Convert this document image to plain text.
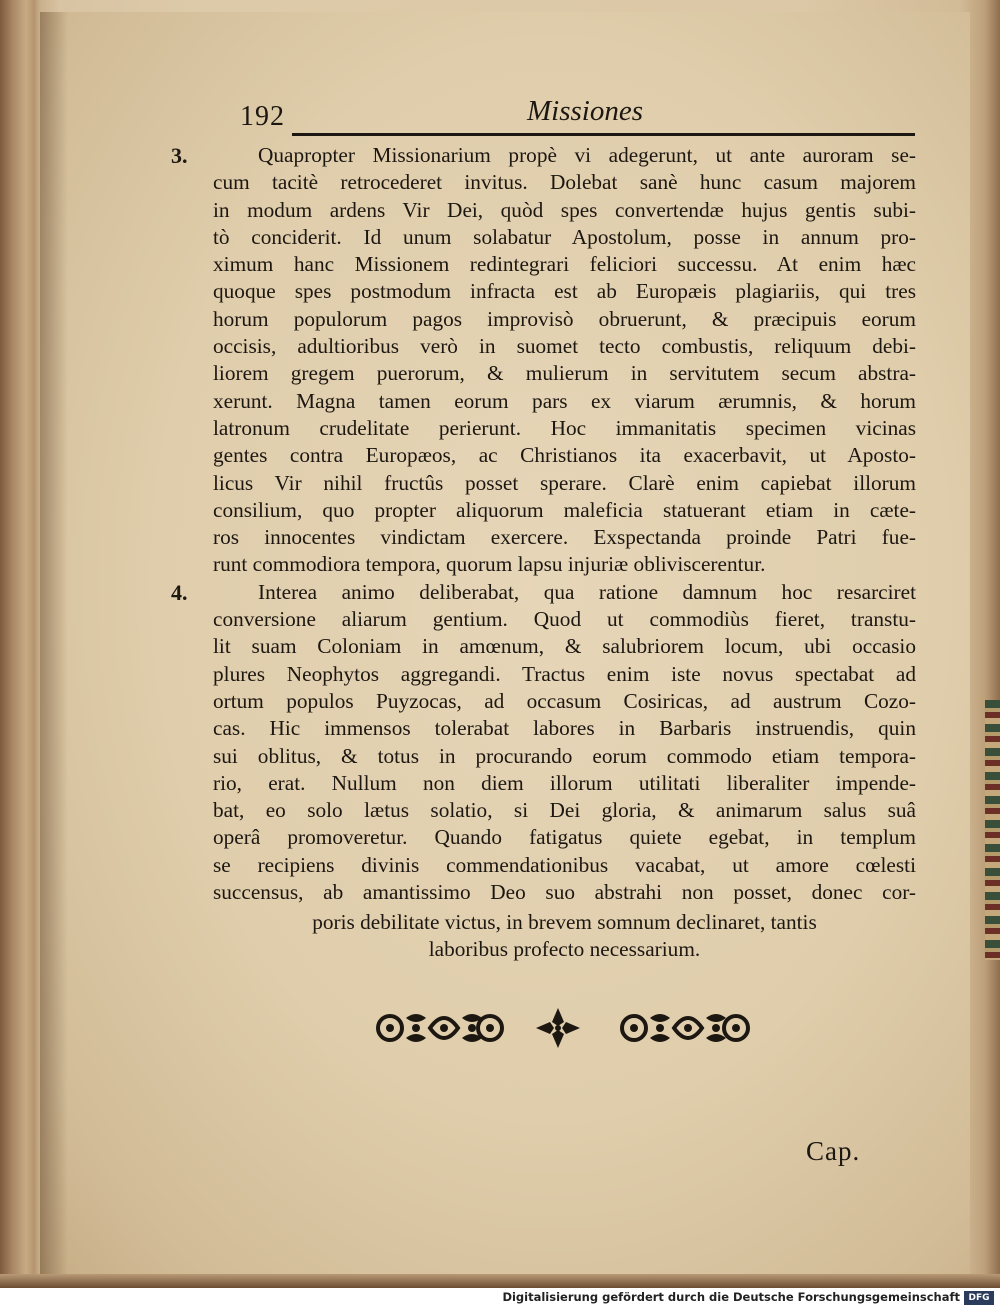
192	Missiones
3.	Quapropter Missionarium propè vi adegerunt, ut ante auroram se-
cum tacitè retrocederet invitus. Dolebat sanè hunc casum majorem
in modum ardens Vir Dei, quòd spes convertendæ hujus gentis subi-
tò conciderit. Id unum solabatur Apostolum, posse in annum pro-
ximum hanc Missionem redintegrari feliciori successu. At enim hæc
quoque spes postmodum infracta est ab Europæis plagiariis, qui tres
horum populorum pagos improvisò obruerunt, & præcipuis eorum
occisis, adultioribus verò in suomet tecto combustis, reliquum debi-
liorem gregem puerorum, & mulierum in servitutem secum abstra-
xerunt. Magna tamen eorum pars ex viarum ærumnis, & horum
latronum crudelitate perierunt. Hoc immanitatis specimen vicinas
gentes contra Europæos, ac Christianos ita exacerbavit, ut Aposto-
licus Vir nihil fructûs posset sperare. Clarè enim capiebat illorum
consilium, quo propter aliquorum maleficia statuerant etiam in cæte-
ros innocentes vindictam exercere. Exspectanda proinde Patri fue-
runt commodiora tempora, quorum lapsu injuriæ obliviscerentur.
4.	Interea animo deliberabat, qua ratione damnum hoc resarciret
conversione aliarum gentium. Quod ut commodiùs fieret, transtu-
lit suam Coloniam in amœnum, & salubriorem locum, ubi occasio
plures Neophytos aggregandi. Tractus enim iste novus spectabat ad
ortum populos Puyzocas, ad occasum Cosiricas, ad austrum Cozo-
cas. Hic immensos tolerabat labores in Barbaris instruendis, quin
sui oblitus, & totus in procurando eorum commodo etiam tempora-
rio, erat. Nullum non diem illorum utilitati liberaliter impende-
bat, eo solo lætus solatio, si Dei gloria, & animarum salus suâ
operâ promoveretur. Quando fatigatus quiete egebat, in templum
se recipiens divinis commendationibus vacabat, ut amore cœlesti
succensus, ab amantissimo Deo suo abstrahi non posset, donec cor-
poris debilitate victus, in brevem somnum declinaret, tantis
laboribus profecto necessarium.
Cap.
Digitalisierung gefördert durch die Deutsche Forschungsgemeinschaft DFG
